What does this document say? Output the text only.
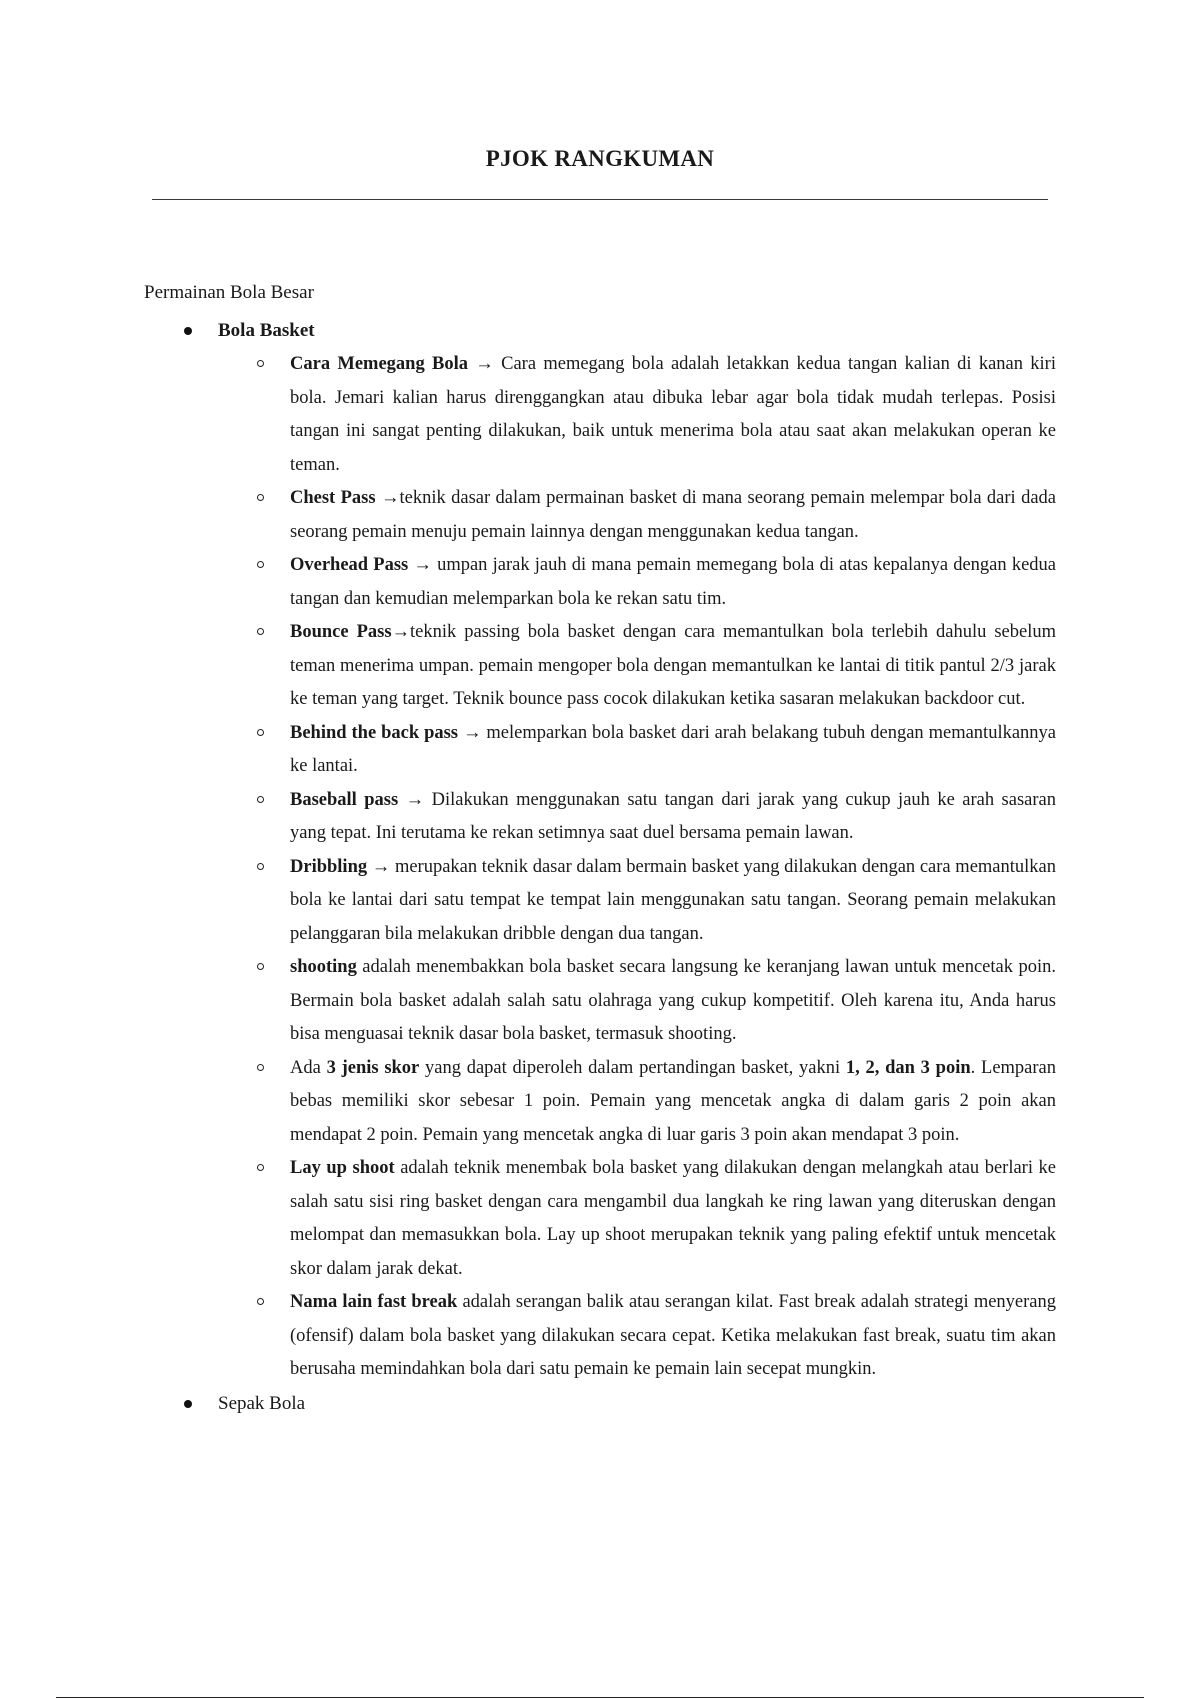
PJOK RANGKUMAN

Permainan Bola Besar

Bola Basket
Cara Memegang Bola → Cara memegang bola adalah letakkan kedua tangan kalian di kanan kiri bola. Jemari kalian harus direnggangkan atau dibuka lebar agar bola tidak mudah terlepas. Posisi tangan ini sangat penting dilakukan, baik untuk menerima bola atau saat akan melakukan operan ke teman.
Chest Pass →teknik dasar dalam permainan basket di mana seorang pemain melempar bola dari dada seorang pemain menuju pemain lainnya dengan menggunakan kedua tangan.
Overhead Pass → umpan jarak jauh di mana pemain memegang bola di atas kepalanya dengan kedua tangan dan kemudian melemparkan bola ke rekan satu tim.
Bounce Pass→teknik passing bola basket dengan cara memantulkan bola terlebih dahulu sebelum teman menerima umpan. pemain mengoper bola dengan memantulkan ke lantai di titik pantul 2/3 jarak ke teman yang target. Teknik bounce pass cocok dilakukan ketika sasaran melakukan backdoor cut.
Behind the back pass → melemparkan bola basket dari arah belakang tubuh dengan memantulkannya ke lantai.
Baseball pass → Dilakukan menggunakan satu tangan dari jarak yang cukup jauh ke arah sasaran yang tepat. Ini terutama ke rekan setimnya saat duel bersama pemain lawan.
Dribbling → merupakan teknik dasar dalam bermain basket yang dilakukan dengan cara memantulkan bola ke lantai dari satu tempat ke tempat lain menggunakan satu tangan. Seorang pemain melakukan pelanggaran bila melakukan dribble dengan dua tangan.
shooting adalah menembakkan bola basket secara langsung ke keranjang lawan untuk mencetak poin. Bermain bola basket adalah salah satu olahraga yang cukup kompetitif. Oleh karena itu, Anda harus bisa menguasai teknik dasar bola basket, termasuk shooting.
Ada 3 jenis skor yang dapat diperoleh dalam pertandingan basket, yakni 1, 2, dan 3 poin. Lemparan bebas memiliki skor sebesar 1 poin. Pemain yang mencetak angka di dalam garis 2 poin akan mendapat 2 poin. Pemain yang mencetak angka di luar garis 3 poin akan mendapat 3 poin.
Lay up shoot adalah teknik menembak bola basket yang dilakukan dengan melangkah atau berlari ke salah satu sisi ring basket dengan cara mengambil dua langkah ke ring lawan yang diteruskan dengan melompat dan memasukkan bola. Lay up shoot merupakan teknik yang paling efektif untuk mencetak skor dalam jarak dekat.
Nama lain fast break adalah serangan balik atau serangan kilat. Fast break adalah strategi menyerang (ofensif) dalam bola basket yang dilakukan secara cepat. Ketika melakukan fast break, suatu tim akan berusaha memindahkan bola dari satu pemain ke pemain lain secepat mungkin.
Sepak Bola
